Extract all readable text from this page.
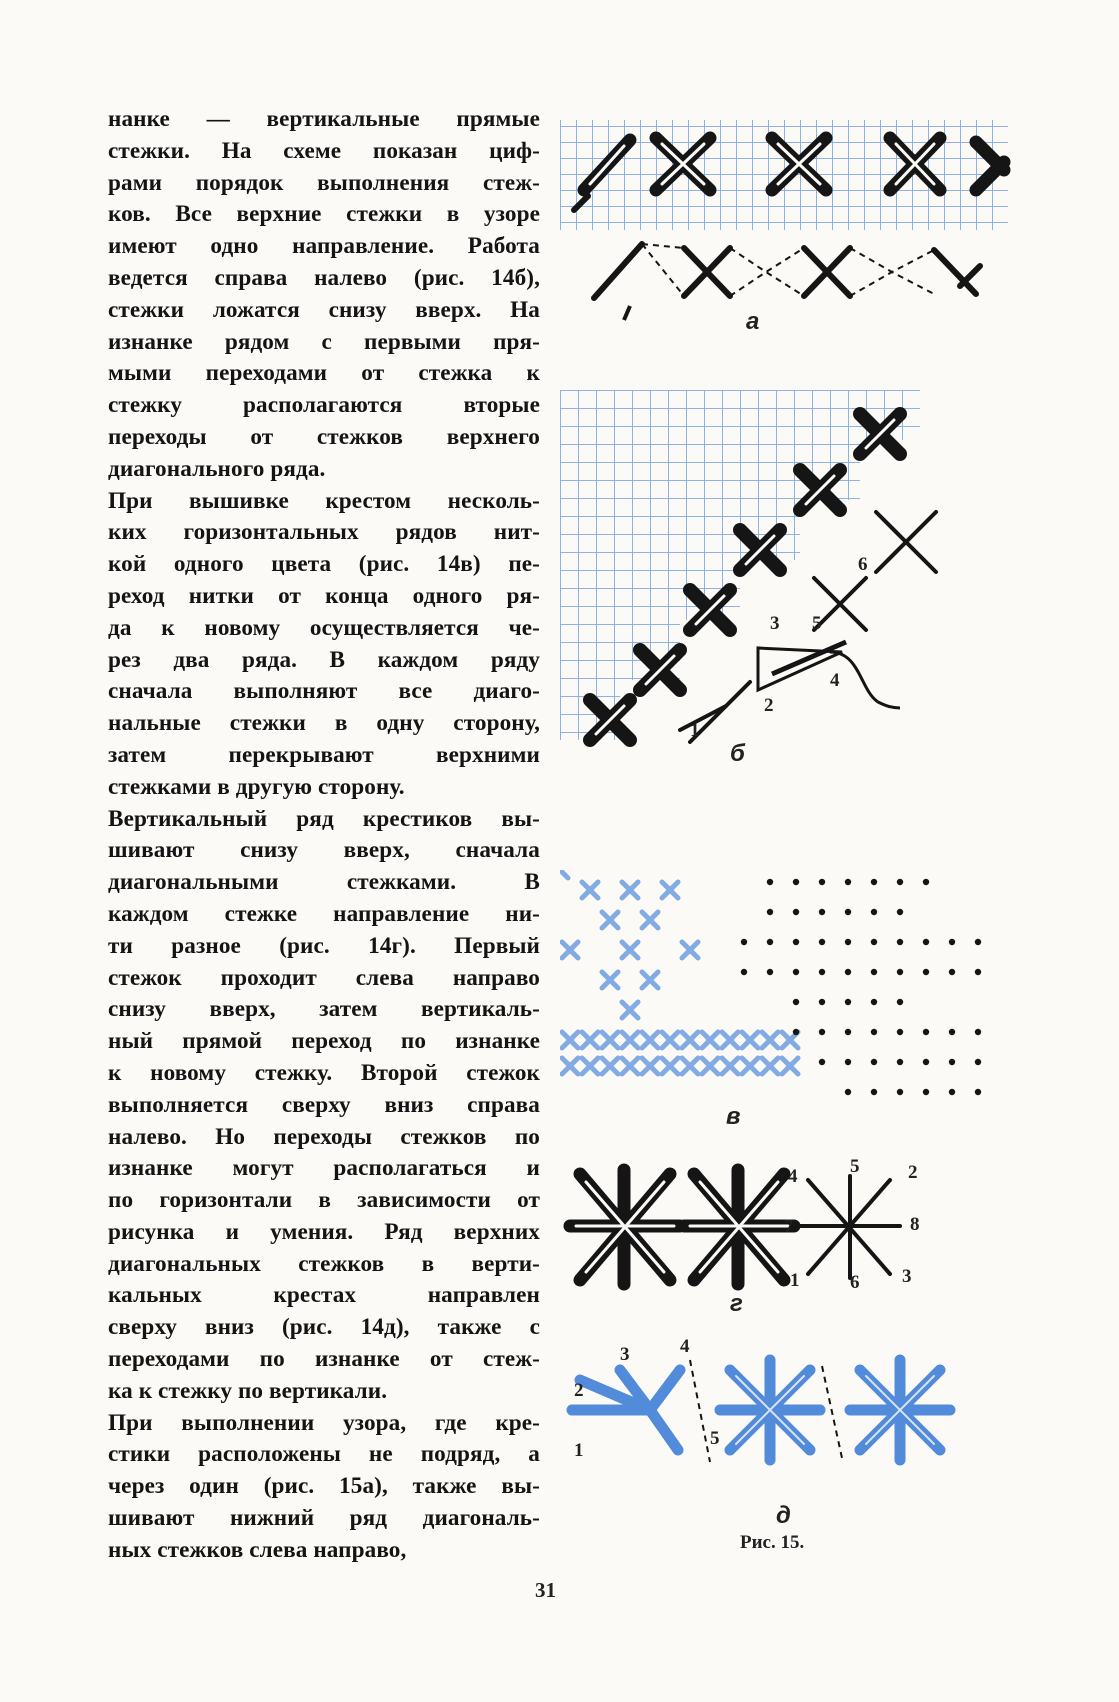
нанке — вертикальные прямые
стежки. На схеме показан циф-
рами порядок выполнения стеж-
ков. Все верхние стежки в узоре
имеют одно направление. Работа
ведется справа налево (рис. 14б),
стежки ложатся снизу вверх. На
изнанке рядом с первыми пря-
мыми переходами от стежка к
стежку располагаются вторые
переходы от стежков верхнего
диагонального ряда.

При вышивке крестом несколь-
ких горизонтальных рядов нит-
кой одного цвета (рис. 14в) пе-
реход нитки от конца одного ря-
да к новому осуществляется че-
рез два ряда. В каждом ряду
сначала выполняют все диаго-
нальные стежки в одну сторону,
затем перекрывают верхними
стежками в другую сторону.

Вертикальный ряд крестиков вы-
шивают снизу вверх, сначала
диагональными стежками. В
каждом стежке направление ни-
ти разное (рис. 14г). Первый
стежок проходит слева направо
снизу вверх, затем вертикаль-
ный прямой переход по изнанке
к новому стежку. Второй стежок
выполняется сверху вниз справа
налево. Но переходы стежков по
изнанке могут располагаться и
по горизонтали в зависимости от
рисунка и умения. Ряд верхних
диагональных стежков в верти-
кальных крестах направлен
сверху вниз (рис. 14д), также с
переходами по изнанке от стеж-
ка к стежку по вертикали.

При выполнении узора, где кре-
стики расположены не подряд, а
через один (рис. 15а), также вы-
шивают нижний ряд диагональ-
ных стежков слева направо,

а
3 5
6
4
2
1
б
в
4	5	2
7	8
1	6 3
г
3	4
2
5
1
д
Рис. 15.
31
